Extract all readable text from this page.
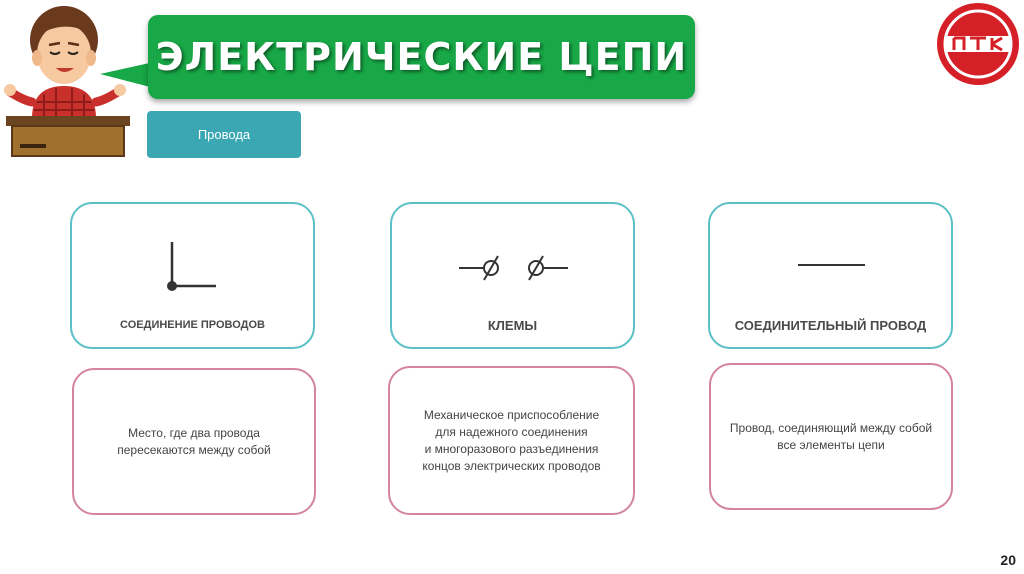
ЭЛЕКТРИЧЕСКИЕ ЦЕПИ
Провода
СОЕДИНЕНИЕ ПРОВОДОВ	КЛЕМЫ	СОЕДИНИТЕЛЬНЫЙ ПРОВОД
Место, где два провода
пересекаются между собой
Механическое приспособление
для надежного соединения
и многоразового разъединения
концов электрических проводов
Провод, соединяющий между собой
все элементы цепи
20
